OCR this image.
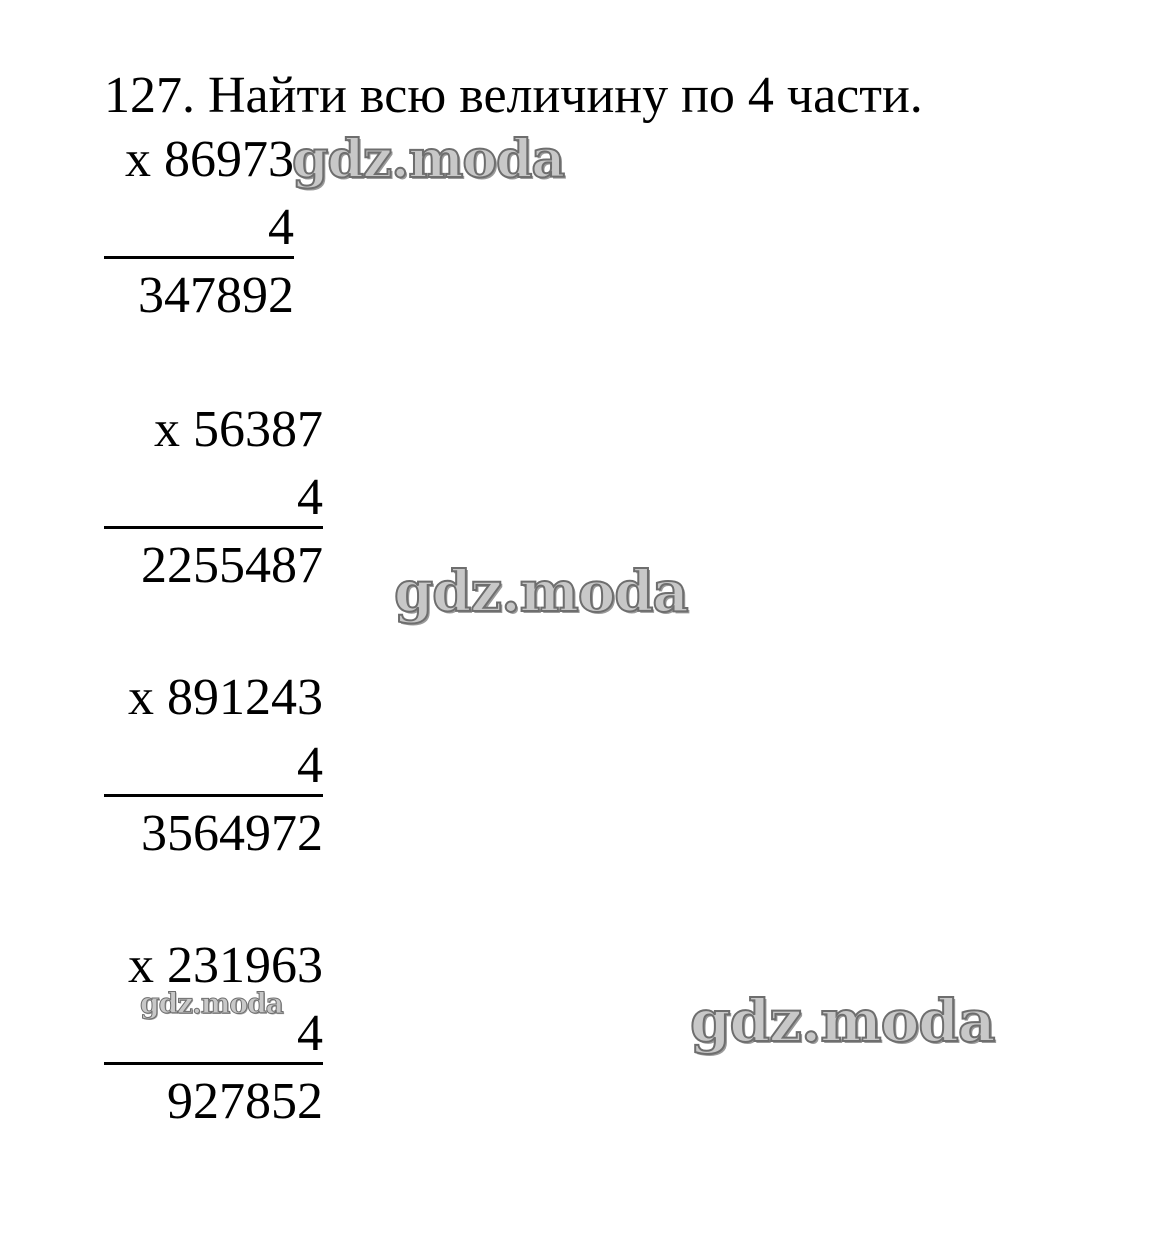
127. Найти всю величину по 4 части.
x 86973
4
347892
x 56387
4
2255487
x 891243
4
3564972
x 231963
4
927852
gdz.moda
gdz.moda
gdz.moda	gdz.moda
